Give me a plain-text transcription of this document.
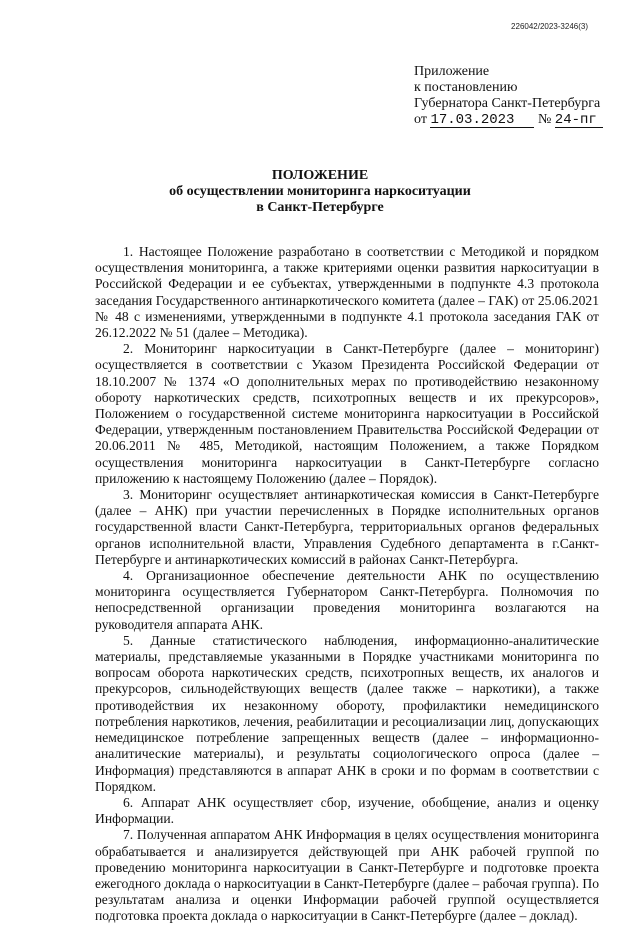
226042/2023-3246(3)
Приложение
к постановлению
Губернатора Санкт-Петербурга
от 17.03.2023 № 24-пг
ПОЛОЖЕНИЕ
об осуществлении мониторинга наркоситуации
в Санкт-Петербурге

1. Настоящее Положение разработано в соответствии с Методикой и порядком осуществления мониторинга, а также критериями оценки развития наркоситуации в Российской Федерации и ее субъектах, утвержденными в подпункте 4.3 протокола заседания Государственного антинаркотического комитета (далее – ГАК) от 25.06.2021 № 48 с изменениями, утвержденными в подпункте 4.1 протокола заседания ГАК от 26.12.2022 № 51 (далее – Методика).

2. Мониторинг наркоситуации в Санкт-Петербурге (далее – мониторинг) осуществляется в соответствии с Указом Президента Российской Федерации от 18.10.2007 № 1374 «О дополнительных мерах по противодействию незаконному обороту наркотических средств, психотропных веществ и их прекурсоров», Положением о государственной системе мониторинга наркоситуации в Российской Федерации, утвержденным постановлением Правительства Российской Федерации от 20.06.2011 № 485, Методикой, настоящим Положением, а также Порядком осуществления мониторинга наркоситуации в Санкт-Петербурге согласно приложению к настоящему Положению (далее – Порядок).

3. Мониторинг осуществляет антинаркотическая комиссия в Санкт-Петербурге (далее – АНК) при участии перечисленных в Порядке исполнительных органов государственной власти Санкт-Петербурга, территориальных органов федеральных органов исполнительной власти, Управления Судебного департамента в г.Санкт-Петербурге и антинаркотических комиссий в районах Санкт-Петербурга.

4. Организационное обеспечение деятельности АНК по осуществлению мониторинга осуществляется Губернатором Санкт-Петербурга. Полномочия по непосредственной организации проведения мониторинга возлагаются на руководителя аппарата АНК.

5. Данные статистического наблюдения, информационно-аналитические материалы, представляемые указанными в Порядке участниками мониторинга по вопросам оборота наркотических средств, психотропных веществ, их аналогов и прекурсоров, сильнодействующих веществ (далее также – наркотики), а также противодействия их незаконному обороту, профилактики немедицинского потребления наркотиков, лечения, реабилитации и ресоциализации лиц, допускающих немедицинское потребление запрещенных веществ (далее – информационно-аналитические материалы), и результаты социологического опроса (далее – Информация) представляются в аппарат АНК в сроки и по формам в соответствии с Порядком.

6. Аппарат АНК осуществляет сбор, изучение, обобщение, анализ и оценку Информации.

7. Полученная аппаратом АНК Информация в целях осуществления мониторинга обрабатывается и анализируется действующей при АНК рабочей группой по проведению мониторинга наркоситуации в Санкт-Петербурге и подготовке проекта ежегодного доклада о наркоситуации в Санкт-Петербурге (далее – рабочая группа). По результатам анализа и оценки Информации рабочей группой осуществляется подготовка проекта доклада о наркоситуации в Санкт-Петербурге (далее – доклад).
